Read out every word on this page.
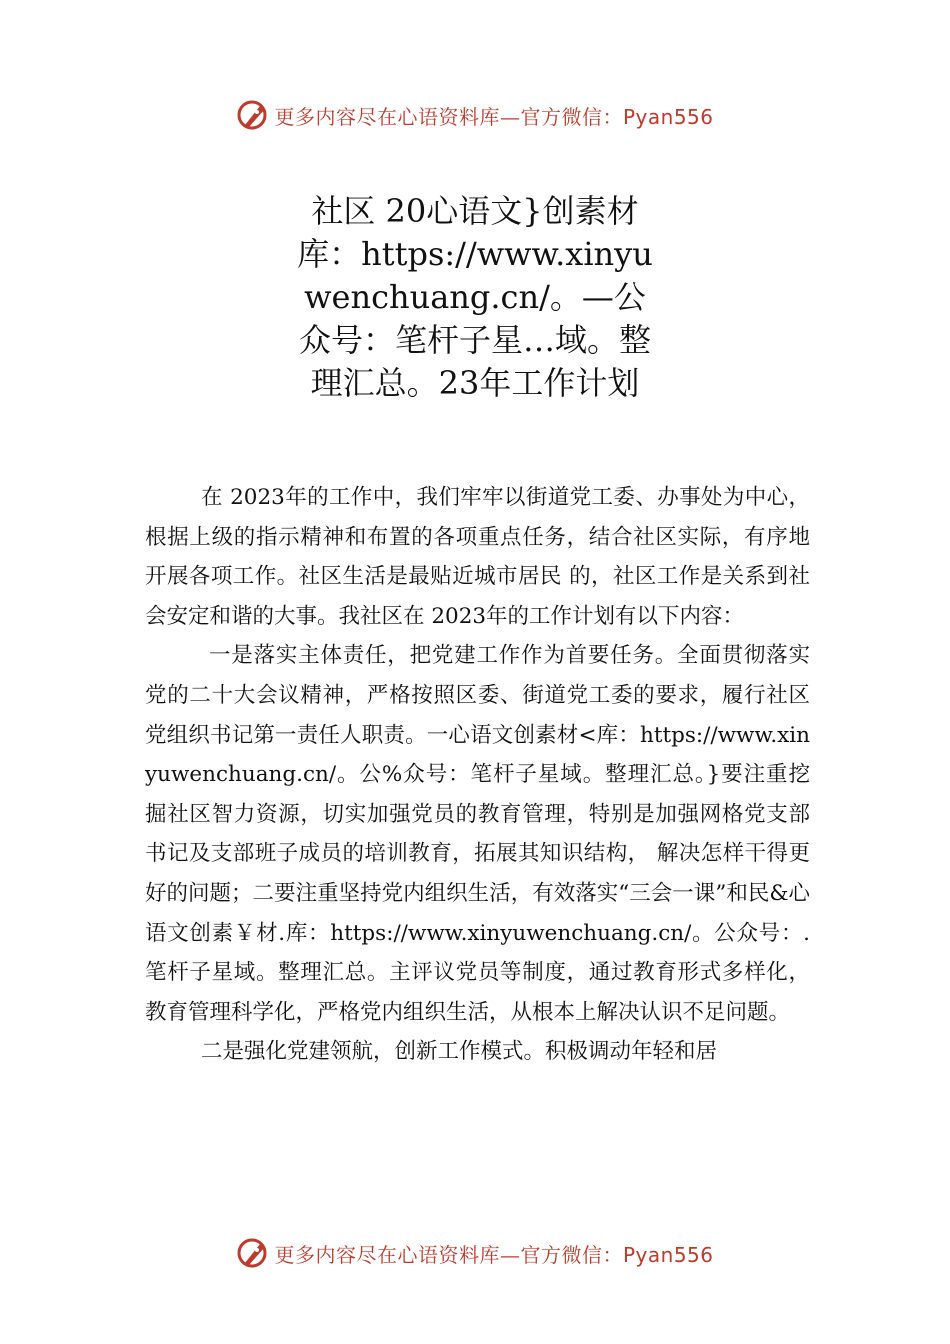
更多内容尽在心语资料库—官方微信：Pyan556
社区 20心语文}创素材库：https://www.xinyuwenchuang.cn/。—公众号：笔杆子星…域。整理汇总。23年工作计划

在 2023年的工作中，我们牢牢以街道党工委、办事处为中心，根据上级的指示精神和布置的各项重点任务，结合社区实际，有序地开展各项工作。社区生活是最贴近城市居民 的，社区工作是关系到社会安定和谐的大事。我社区在 2023年的工作计划有以下内容：

一是落实主体责任，把党建工作作为首要任务。全面贯彻落实党的二十大会议精神，严格按照区委、街道党工委的要求，履行社区党组织书记第一责任人职责。一心语文创素材<库：https://www.xinyuwenchuang.cn/。公%众号：笔杆子星域。整理汇总。}要注重挖掘社区智力资源，切实加强党员的教育管理，特别是加强网格党支部书记及支部班子成员的培训教育，拓展其知识结构， 解决怎样干得更好的问题；二要注重坚持党内组织生活，有效落实“三会一课”和民&心语文创素￥材.库：https://www.xinyuwenchuang.cn/。公众号：.笔杆子星域。整理汇总。主评议党员等制度，通过教育形式多样化，教育管理科学化，严格党内组织生活，从根本上解决认识不足问题。

二是强化党建领航，创新工作模式。积极调动年轻和居

更多内容尽在心语资料库—官方微信：Pyan556
